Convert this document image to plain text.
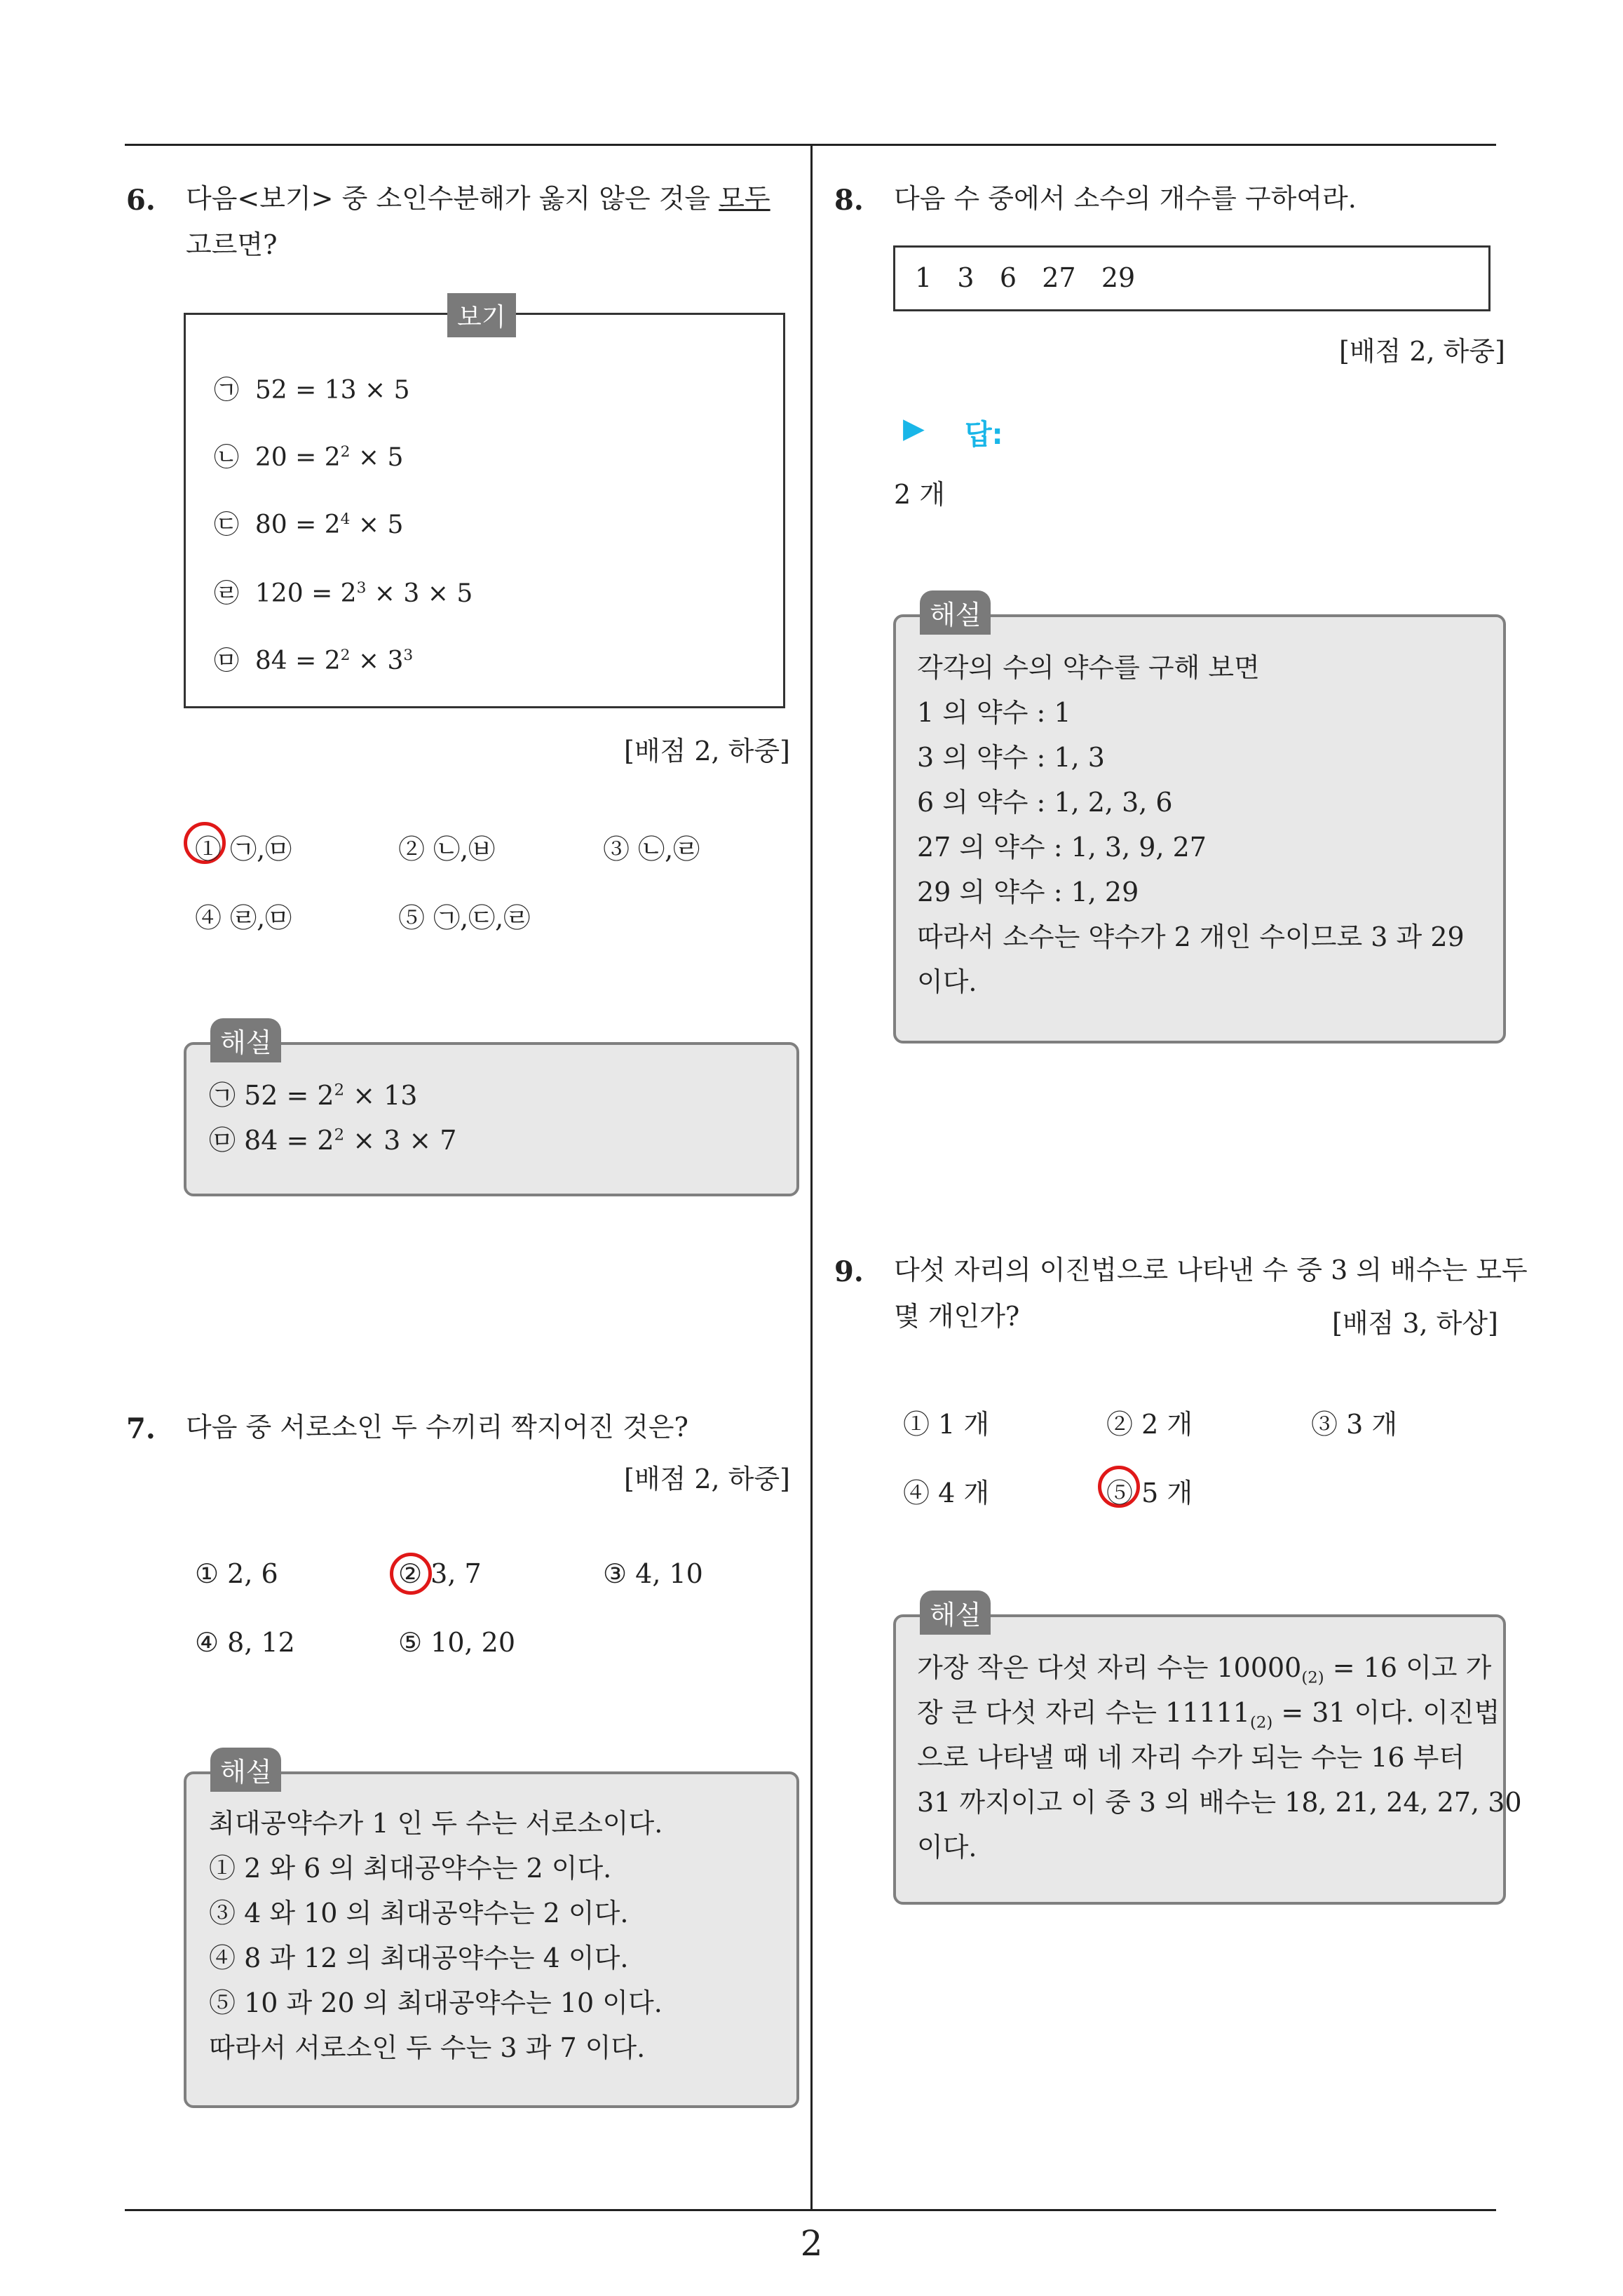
2
6. 다음<보기> 중 소인수분해가 옳지 않은 것을 모두
고르면?
보기
㉠ 52 = 13 × 5
㉡ $20 = 2^2 \times 5$
㉢ $80 = 2^4 \times 5$
㉣ $120 = 2^3 \times 3 \times 5$
㉤ $84 = 2^2 \times 3^3$
[배점 2, 하중]
① ㉠,㉤	② ㉡,㉥	③ ㉡,㉣
④ ㉣,㉤	⑤ ㉠,㉢,㉣
해설
㉠ $52 = 2^2 \times 13$
㉤ $84 = 2^2 \times 3 \times 7$
7. 다음 중 서로소인 두 수끼리 짝지어진 것은?
[배점 2, 하중]
① 2, 6	② 3, 7	③ 4, 10
④ 8, 12	⑤ 10, 20
해설
최대공약수가 1 인 두 수는 서로소이다.
① 2 와 6 의 최대공약수는 2 이다.
③ 4 와 10 의 최대공약수는 2 이다.
④ 8 과 12 의 최대공약수는 4 이다.
⑤ 10 과 20 의 최대공약수는 10 이다.
따라서 서로소인 두 수는 3 과 7 이다.
8. 다음 수 중에서 소수의 개수를 구하여라.
1   3   6   27   29
[배점 2, 하중]
▶ 답:
2 개
해설
각각의 수의 약수를 구해 보면
1 의 약수 : 1
3 의 약수 : 1, 3
6 의 약수 : 1, 2, 3, 6
27 의 약수 : 1, 3, 9, 27
29 의 약수 : 1, 29
따라서 소수는 약수가 2 개인 수이므로 3 과 29
이다.
9. 다섯 자리의 이진법으로 나타낸 수 중 3 의 배수는 모두
몇 개인가?	[배점 3, 하상]
① 1 개	② 2 개	③ 3 개
④ 4 개	⑤ 5 개
해설
가장 작은 다섯 자리 수는 $10000_{(2)} = 16$ 이고 가
장 큰 다섯 자리 수는 $11111_{(2)} = 31$ 이다. 이진법
으로 나타낼 때 네 자리 수가 되는 수는 16 부터
31 까지이고 이 중 3 의 배수는 18, 21, 24, 27, 30
이다.
